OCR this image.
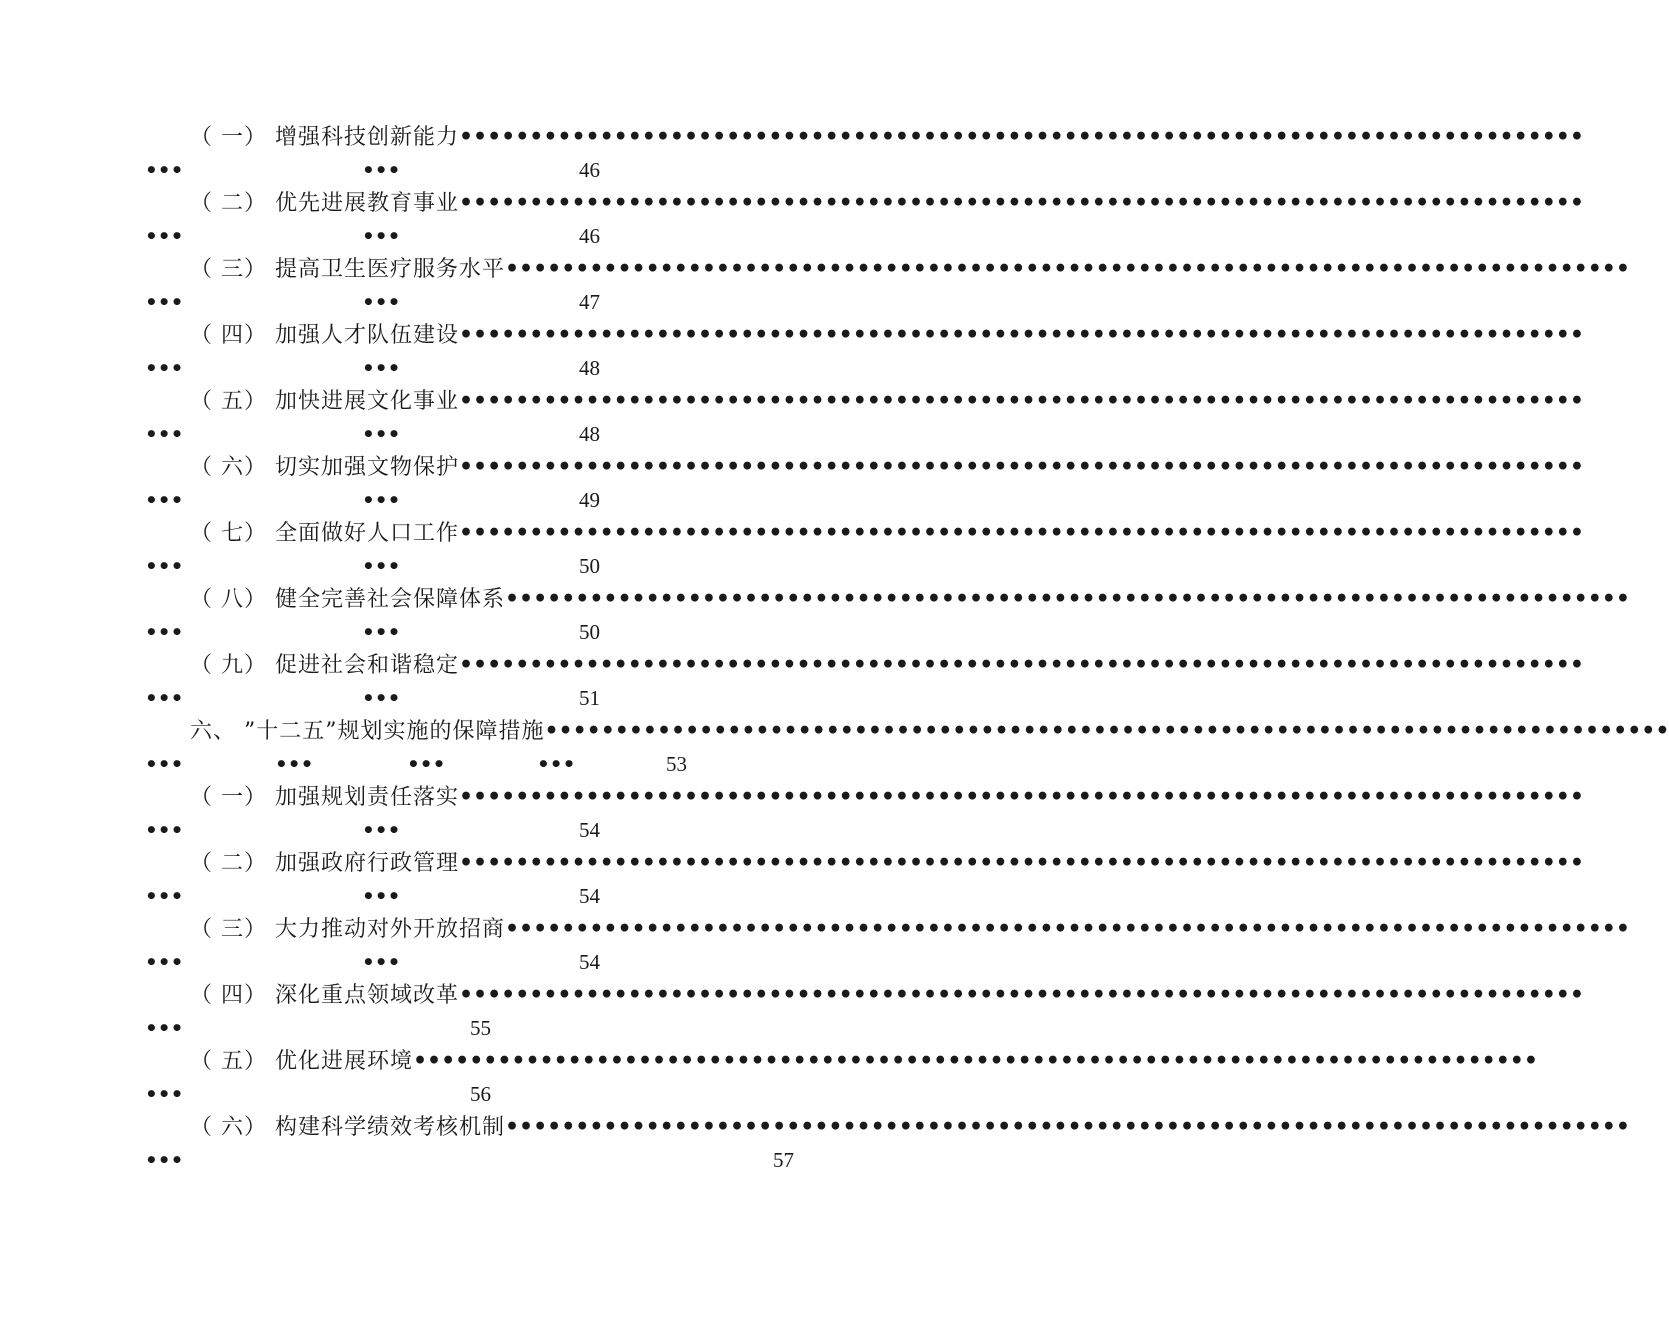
（ 一） 增强科技创新能力••••••••••••••••••••••••••••••••••••••••••••••••••••••••••••••••••••••••••••••••
•••	•••	46
（ 二） 优先进展教育事业••••••••••••••••••••••••••••••••••••••••••••••••••••••••••••••••••••••••••••••••
•••	•••	46
（ 三） 提高卫生医疗服务水平••••••••••••••••••••••••••••••••••••••••••••••••••••••••••••••••••••••••••••••••
•••	•••	47
（ 四） 加强人才队伍建设••••••••••••••••••••••••••••••••••••••••••••••••••••••••••••••••••••••••••••••••
•••	•••	48
（ 五） 加快进展文化事业••••••••••••••••••••••••••••••••••••••••••••••••••••••••••••••••••••••••••••••••
•••	•••	48
（ 六） 切实加强文物保护••••••••••••••••••••••••••••••••••••••••••••••••••••••••••••••••••••••••••••••••
•••	•••	49
（ 七） 全面做好人口工作••••••••••••••••••••••••••••••••••••••••••••••••••••••••••••••••••••••••••••••••
•••	•••	50
（ 八） 健全完善社会保障体系••••••••••••••••••••••••••••••••••••••••••••••••••••••••••••••••••••••••••••••••
•••	•••	50
（ 九） 促进社会和谐稳定••••••••••••••••••••••••••••••••••••••••••••••••••••••••••••••••••••••••••••••••
•••	•••	51
六、 ”十二五”规划实施的保障措施••••••••••••••••••••••••••••••••••••••••••••••••••••••••••••••••••••••••••••••••
•••	•••	•••	•••	53
（ 一） 加强规划责任落实••••••••••••••••••••••••••••••••••••••••••••••••••••••••••••••••••••••••••••••••
•••	•••	54
（ 二） 加强政府行政管理••••••••••••••••••••••••••••••••••••••••••••••••••••••••••••••••••••••••••••••••
•••	•••	54
（ 三） 大力推动对外开放招商••••••••••••••••••••••••••••••••••••••••••••••••••••••••••••••••••••••••••••••••
•••	•••	54
（ 四） 深化重点领域改革••••••••••••••••••••••••••••••••••••••••••••••••••••••••••••••••••••••••••••••••
•••	55
（ 五） 优化进展环境••••••••••••••••••••••••••••••••••••••••••••••••••••••••••••••••••••••••••••••••
•••	56
（ 六） 构建科学绩效考核机制••••••••••••••••••••••••••••••••••••••••••••••••••••••••••••••••••••••••••••••••
•••	57
